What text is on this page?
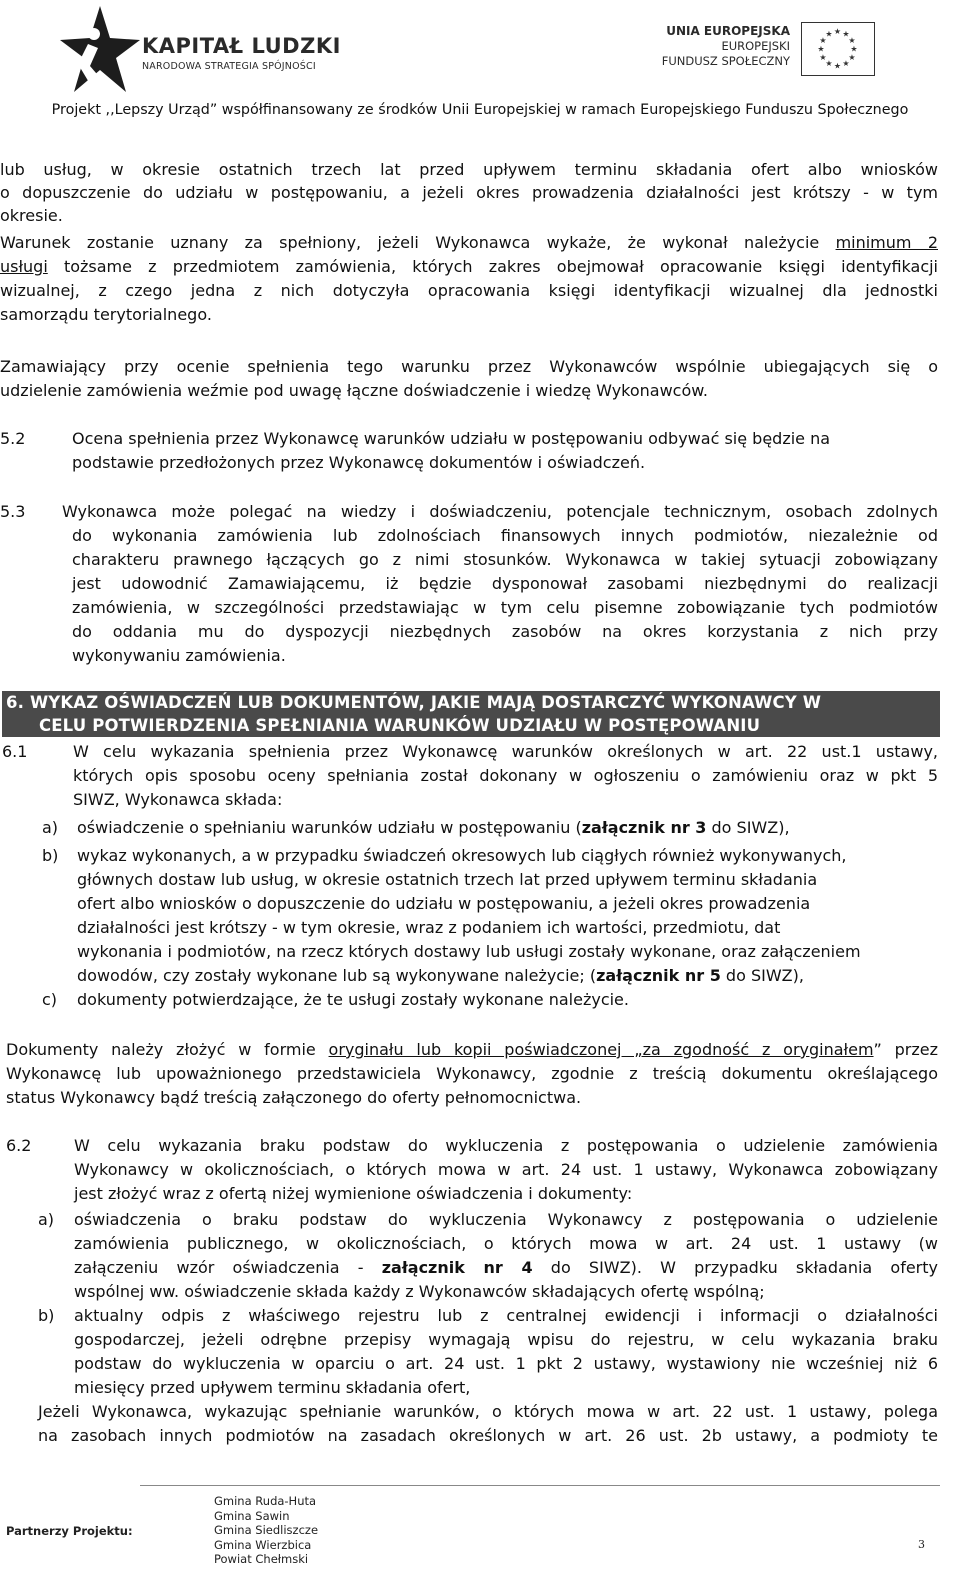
KAPITAŁ LUDZKI
NARODOWA STRATEGIA SPÓJNOŚCI
UNIA EUROPEJSKA
EUROPEJSKI
FUNDUSZ SPOŁECZNY
★ ★
★
★
★
★
★
★
★
★
★
★
Projekt ,,Lepszy Urząd” współfinansowany ze środków Unii Europejskiej w ramach Europejskiego Funduszu Społecznego
lub usług, w okresie ostatnich trzech lat przed upływem terminu składania ofert albo wniosków
o dopuszczenie do udziału w postępowaniu, a jeżeli okres prowadzenia działalności jest krótszy - w tym
okresie.
Warunek zostanie uznany za spełniony, jeżeli Wykonawca wykaże, że wykonał należycie minimum 2
usługi tożsame z przedmiotem zamówienia, których zakres obejmował opracowanie księgi identyfikacji
wizualnej, z czego jedna z nich dotyczyła opracowania księgi identyfikacji wizualnej dla jednostki
samorządu terytorialnego.
Zamawiający przy ocenie spełnienia tego warunku przez Wykonawców wspólnie ubiegających się o
udzielenie zamówienia weźmie pod uwagę łączne doświadczenie i wiedzę Wykonawców.
5.2	Ocena spełnienia przez Wykonawcę warunków udziału w postępowaniu odbywać się będzie na
podstawie przedłożonych przez Wykonawcę dokumentów i oświadczeń.
5.3 Wykonawca może polegać na wiedzy i doświadczeniu, potencjale technicznym, osobach zdolnych
do wykonania zamówienia lub zdolnościach finansowych innych podmiotów, niezależnie od
charakteru prawnego łączących go z nimi stosunków. Wykonawca w takiej sytuacji zobowiązany
jest udowodnić Zamawiającemu, iż będzie dysponował zasobami niezbędnymi do realizacji
zamówienia, w szczególności przedstawiając w tym celu pisemne zobowiązanie tych podmiotów
do oddania mu do dyspozycji niezbędnych zasobów na okres korzystania z nich przy
wykonywaniu zamówienia.
6. WYKAZ OŚWIADCZEŃ LUB DOKUMENTÓW, JAKIE MAJĄ DOSTARCZYĆ WYKONAWCY W
CELU POTWIERDZENIA SPEŁNIANIA WARUNKÓW UDZIAŁU W POSTĘPOWANIU
6.1	W celu wykazania spełnienia przez Wykonawcę warunków określonych w art. 22 ust.1 ustawy,
których opis sposobu oceny spełniania został dokonany w ogłoszeniu o zamówieniu oraz w pkt 5
SIWZ, Wykonawca składa:
a) oświadczenie o spełnianiu warunków udziału w postępowaniu (załącznik nr 3 do SIWZ),
b) wykaz wykonanych, a w przypadku świadczeń okresowych lub ciągłych również wykonywanych,
głównych dostaw lub usług, w okresie ostatnich trzech lat przed upływem terminu składania
ofert albo wniosków o dopuszczenie do udziału w postępowaniu, a jeżeli okres prowadzenia
działalności jest krótszy - w tym okresie, wraz z podaniem ich wartości, przedmiotu, dat
wykonania i podmiotów, na rzecz których dostawy lub usługi zostały wykonane, oraz załączeniem
dowodów, czy zostały wykonane lub są wykonywane należycie; (załącznik nr 5 do SIWZ),
c) dokumenty potwierdzające, że te usługi zostały wykonane należycie.
Dokumenty należy złożyć w formie oryginału lub kopii poświadczonej „za zgodność z oryginałem” przez
Wykonawcę lub upoważnionego przedstawiciela Wykonawcy, zgodnie z treścią dokumentu określającego
status Wykonawcy bądź treścią załączonego do oferty pełnomocnictwa.
6.2	W celu wykazania braku podstaw do wykluczenia z postępowania o udzielenie zamówienia
Wykonawcy w okolicznościach, o których mowa w art. 24 ust. 1 ustawy, Wykonawca zobowiązany
jest złożyć wraz z ofertą niżej wymienione oświadczenia i dokumenty:
a) oświadczenia o braku podstaw do wykluczenia Wykonawcy z postępowania o udzielenie
zamówienia publicznego, w okolicznościach, o których mowa w art. 24 ust. 1 ustawy (w
załączeniu wzór oświadczenia - załącznik nr 4 do SIWZ). W przypadku składania oferty
wspólnej ww. oświadczenie składa każdy z Wykonawców składających ofertę wspólną;
b) aktualny odpis z właściwego rejestru lub z centralnej ewidencji i informacji o działalności
gospodarczej, jeżeli odrębne przepisy wymagają wpisu do rejestru, w celu wykazania braku
podstaw do wykluczenia w oparciu o art. 24 ust. 1 pkt 2 ustawy, wystawiony nie wcześniej niż 6
miesięcy przed upływem terminu składania ofert,
Jeżeli Wykonawca, wykazując spełnianie warunków, o których mowa w art. 22 ust. 1 ustawy, polega
na zasobach innych podmiotów na zasadach określonych w art. 26 ust. 2b ustawy, a podmioty te
Partnerzy Projektu:
Gmina Ruda-Huta
Gmina Sawin
Gmina Siedliszcze
Gmina Wierzbica
Powiat Chełmski
3
